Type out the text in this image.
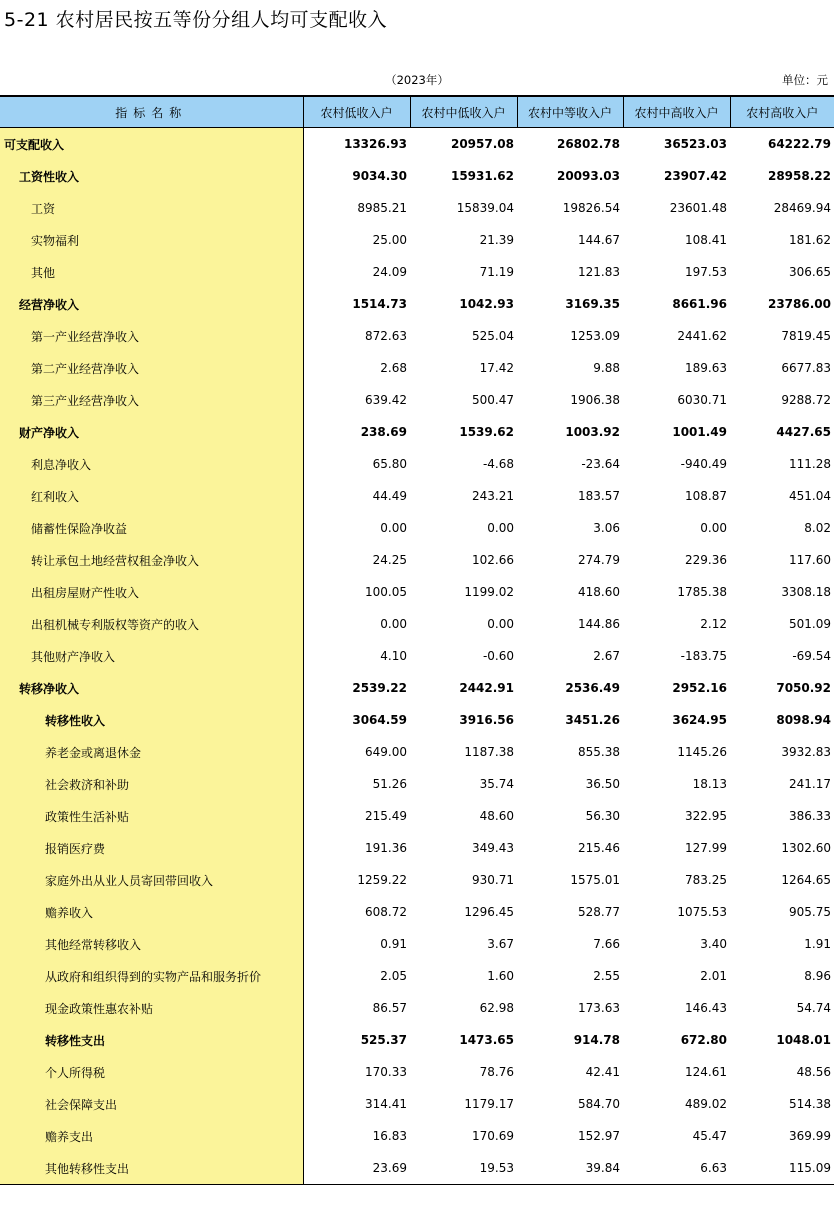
5-21 农村居民按五等份分组人均可支配收入
（2023年）	单位：元
指标名称	农村低收入户	农村中低收入户	农村中等收入户	农村中高收入户	农村高收入户
可支配收入	13326.93	20957.08	26802.78	36523.03	64222.79
工资性收入	9034.30	15931.62	20093.03	23907.42	28958.22
工资	8985.21	15839.04	19826.54	23601.48	28469.94
实物福利	25.00	21.39	144.67	108.41	181.62
其他	24.09	71.19	121.83	197.53	306.65
经营净收入	1514.73	1042.93	3169.35	8661.96	23786.00
第一产业经营净收入	872.63	525.04	1253.09	2441.62	7819.45
第二产业经营净收入	2.68	17.42	9.88	189.63	6677.83
第三产业经营净收入	639.42	500.47	1906.38	6030.71	9288.72
财产净收入	238.69	1539.62	1003.92	1001.49	4427.65
利息净收入	65.80	-4.68	-23.64	-940.49	111.28
红利收入	44.49	243.21	183.57	108.87	451.04
储蓄性保险净收益	0.00	0.00	3.06	0.00	8.02
转让承包土地经营权租金净收入	24.25	102.66	274.79	229.36	117.60
出租房屋财产性收入	100.05	1199.02	418.60	1785.38	3308.18
出租机械专利版权等资产的收入	0.00	0.00	144.86	2.12	501.09
其他财产净收入	4.10	-0.60	2.67	-183.75	-69.54
转移净收入	2539.22	2442.91	2536.49	2952.16	7050.92
转移性收入	3064.59	3916.56	3451.26	3624.95	8098.94
养老金或离退休金	649.00	1187.38	855.38	1145.26	3932.83
社会救济和补助	51.26	35.74	36.50	18.13	241.17
政策性生活补贴	215.49	48.60	56.30	322.95	386.33
报销医疗费	191.36	349.43	215.46	127.99	1302.60
家庭外出从业人员寄回带回收入	1259.22	930.71	1575.01	783.25	1264.65
赡养收入	608.72	1296.45	528.77	1075.53	905.75
其他经常转移收入	0.91	3.67	7.66	3.40	1.91
从政府和组织得到的实物产品和服务折价	2.05	1.60	2.55	2.01	8.96
现金政策性惠农补贴	86.57	62.98	173.63	146.43	54.74
转移性支出	525.37	1473.65	914.78	672.80	1048.01
个人所得税	170.33	78.76	42.41	124.61	48.56
社会保障支出	314.41	1179.17	584.70	489.02	514.38
赡养支出	16.83	170.69	152.97	45.47	369.99
其他转移性支出	23.69	19.53	39.84	6.63	115.09
